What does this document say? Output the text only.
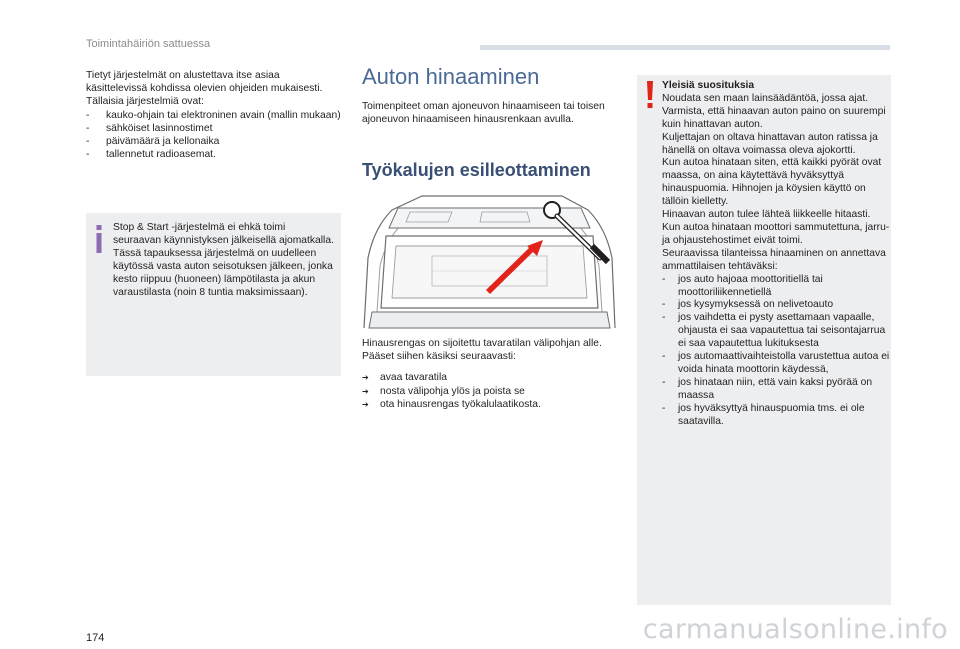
Toimintahäiriön sattuessa

Tietyt järjestelmät on alustettava itse asiaa käsittelevissä kohdissa olevien ohjeiden mukaisesti. Tällaisia järjestelmiä ovat:

- kauko-ohjain tai elektroninen avain (mallin mukaan)
- sähköiset lasinnostimet
- päivämäärä ja kellonaika
- tallennetut radioasemat.
Stop & Start -järjestelmä ei ehkä toimi seuraavan käynnistyksen jälkeisellä ajomatkalla.
Tässä tapauksessa järjestelmä on uudelleen käytössä vasta auton seisotuksen jälkeen, jonka kesto riippuu (huoneen) lämpötilasta ja akun varaustilasta (noin 8 tuntia maksimissaan).
Auton hinaaminen

Toimenpiteet oman ajoneuvon hinaamiseen tai toisen ajoneuvon hinaamiseen hinausrenkaan avulla.

Työkalujen esilleottaminen

Hinausrengas on sijoitettu tavaratilan välipohjan alle.

Pääset siihen käsiksi seuraavasti:

➔ avaa tavaratila
➔ nosta välipohja ylös ja poista se
➔ ota hinausrengas työkalulaatikosta.

Yleisiä suosituksia

Noudata sen maan lainsäädäntöä, jossa ajat.

Varmista, että hinaavan auton paino on suurempi kuin hinattavan auton.

Kuljettajan on oltava hinattavan auton ratissa ja hänellä on oltava voimassa oleva ajokortti.

Kun autoa hinataan siten, että kaikki pyörät ovat maassa, on aina käytettävä hyväksyttyä hinauspuomia. Hihnojen ja köysien käyttö on tällöin kielletty.

Hinaavan auton tulee lähteä liikkeelle hitaasti.

Kun autoa hinataan moottori sammutettuna, jarru- ja ohjaustehostimet eivät toimi.

Seuraavissa tilanteissa hinaaminen on annettava ammattilaisen tehtäväksi:

- jos auto hajoaa moottoritiellä tai moottoriliikennetiellä
- jos kysymyksessä on nelivetoauto
- jos vaihdetta ei pysty asettamaan vapaalle, ohjausta ei saa vapautettua tai seisontajarrua ei saa vapautettua lukituksesta
- jos automaattivaihteistolla varustettua autoa ei voida hinata moottorin käydessä,
- jos hinataan niin, että vain kaksi pyörää on maassa
- jos hyväksyttyä hinauspuomia tms. ei ole saatavilla.
174	carmanualsonline.info
